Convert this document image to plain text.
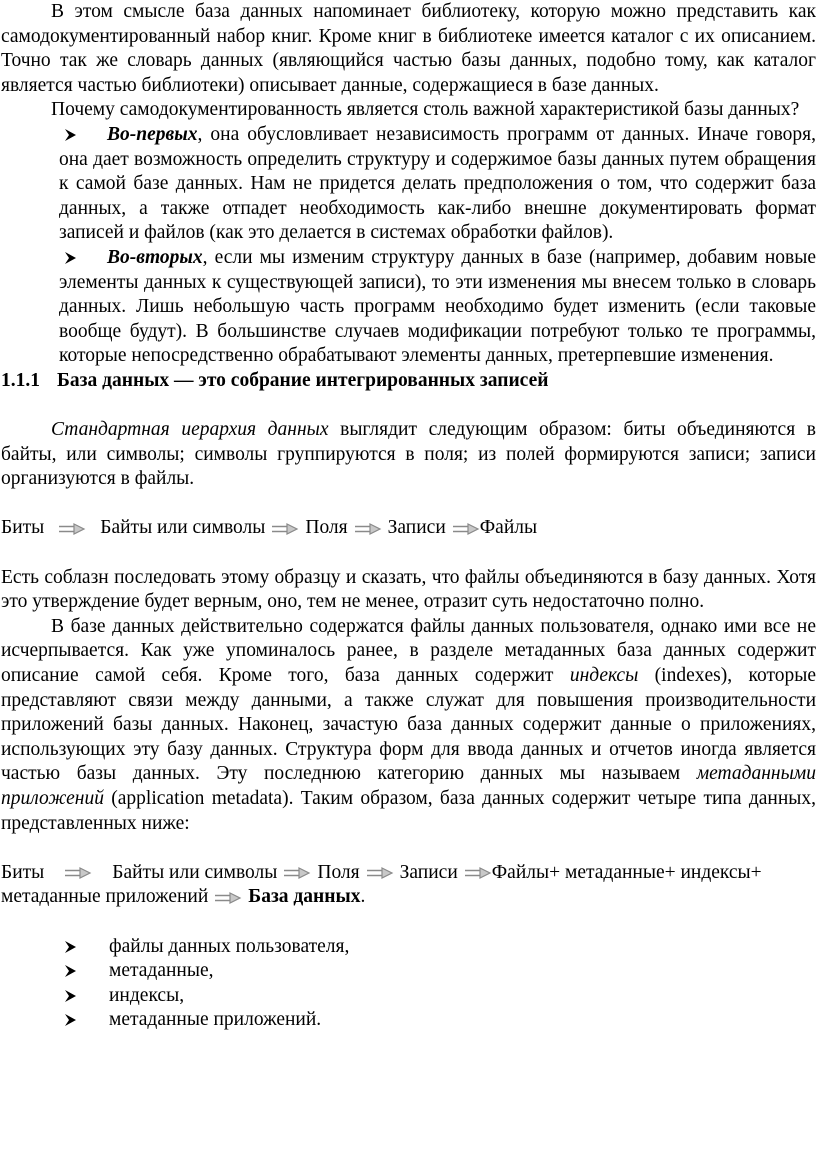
В этом смысле база данных напоминает библиотеку, которую можно представить как самодокументированный набор книг. Кроме книг в библиотеке имеется каталог с их описанием. Точно так же словарь данных (являющийся частью базы данных, подобно тому, как каталог является частью библиотеки) описывает данные, содержащиеся в базе данных.

Почему самодокументированность является столь важной характеристикой базы данных?

Во-первых, она обусловливает независимость программ от данных. Иначе говоря, она дает возможность определить структуру и содержимое базы данных путем обращения к самой базе данных. Нам не придется делать предположения о том, что содержит база данных, а также отпадет необходимость как-либо внешне документировать формат записей и файлов (как это делается в системах обработки файлов).
Во-вторых, если мы изменим структуру данных в базе (например, добавим новые элементы данных к существующей записи), то эти изменения мы внесем только в словарь данных. Лишь небольшую часть программ необходимо будет изменить (если таковые вообще будут). В большинстве случаев модификации потребуют только те программы, которые непосредственно обрабатывают элементы данных, претерпевшие изменения.

1.1.1 База данных — это собрание интегрированных записей

Стандартная иерархия данных выглядит следующим образом: биты объединяются в байты, или символы; символы группируются в поля; из полей формируются записи; записи организуются в файлы.

Биты	Байты или символы Поля Записи Файлы

Есть соблазн последовать этому образцу и сказать, что файлы объединяются в базу данных. Хотя это утверждение будет верным, оно, тем не менее, отразит суть недостаточно полно.

В базе данных действительно содержатся файлы данных пользователя, однако ими все не исчерпывается. Как уже упоминалось ранее, в разделе метаданных база данных содержит описание самой себя. Кроме того, база данных содержит индексы (indexes), которые представляют связи между данными, а также служат для повышения производительности приложений базы данных. Наконец, зачастую база данных содержит данные о приложениях, использующих эту базу данных. Структура форм для ввода данных и отчетов иногда является частью базы данных. Эту последнюю категорию данных мы называем метаданными приложений (application metadata). Таким образом, база данных содержит четыре типа данных, представленных ниже:

Биты	Байты или символы Поля Записи Файлы+ метаданные+ индексы+
метаданные приложений База данных.

файлы данных пользователя,
метаданные,
индексы,
метаданные приложений.
